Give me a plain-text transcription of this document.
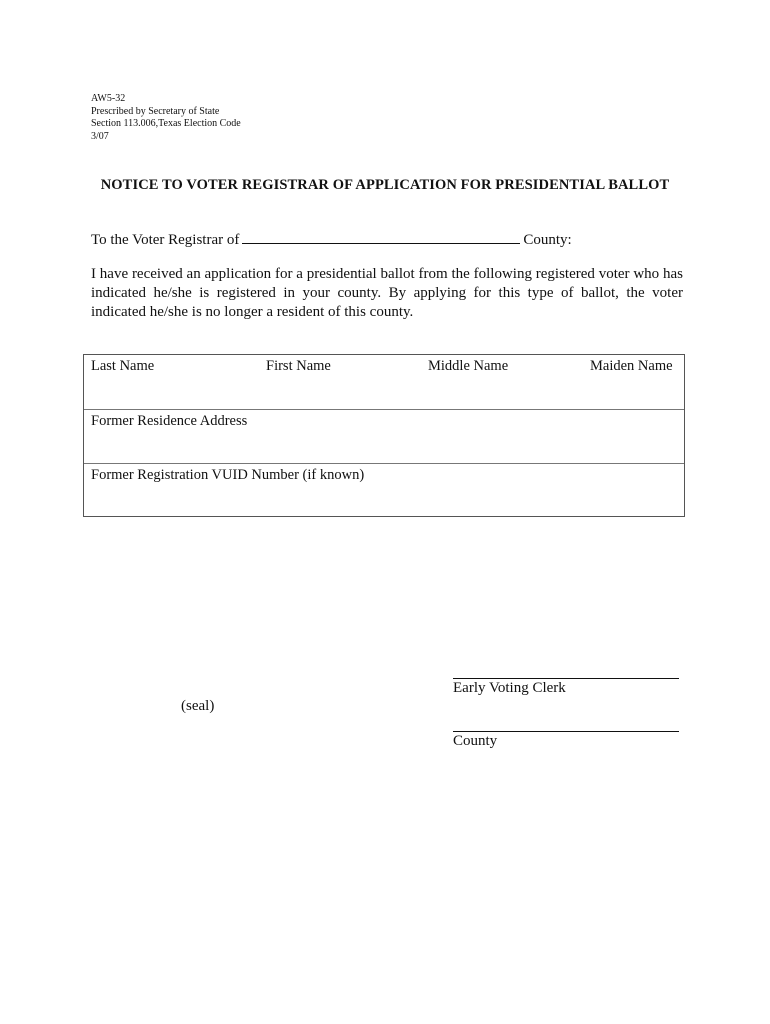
AW5-32
Prescribed by Secretary of State
Section 113.006,Texas Election Code
3/07
NOTICE TO VOTER REGISTRAR OF APPLICATION FOR PRESIDENTIAL BALLOT
To the Voter Registrar of	County:
I have received an application for a presidential ballot from the following registered voter who has indicated he/she is registered in your county. By applying for this type of ballot, the voter indicated he/she is no longer a resident of this county.
Last Name	First Name	Middle Name	Maiden Name
Former Residence Address
Former Registration VUID Number (if known)
Early Voting Clerk
(seal)
County
